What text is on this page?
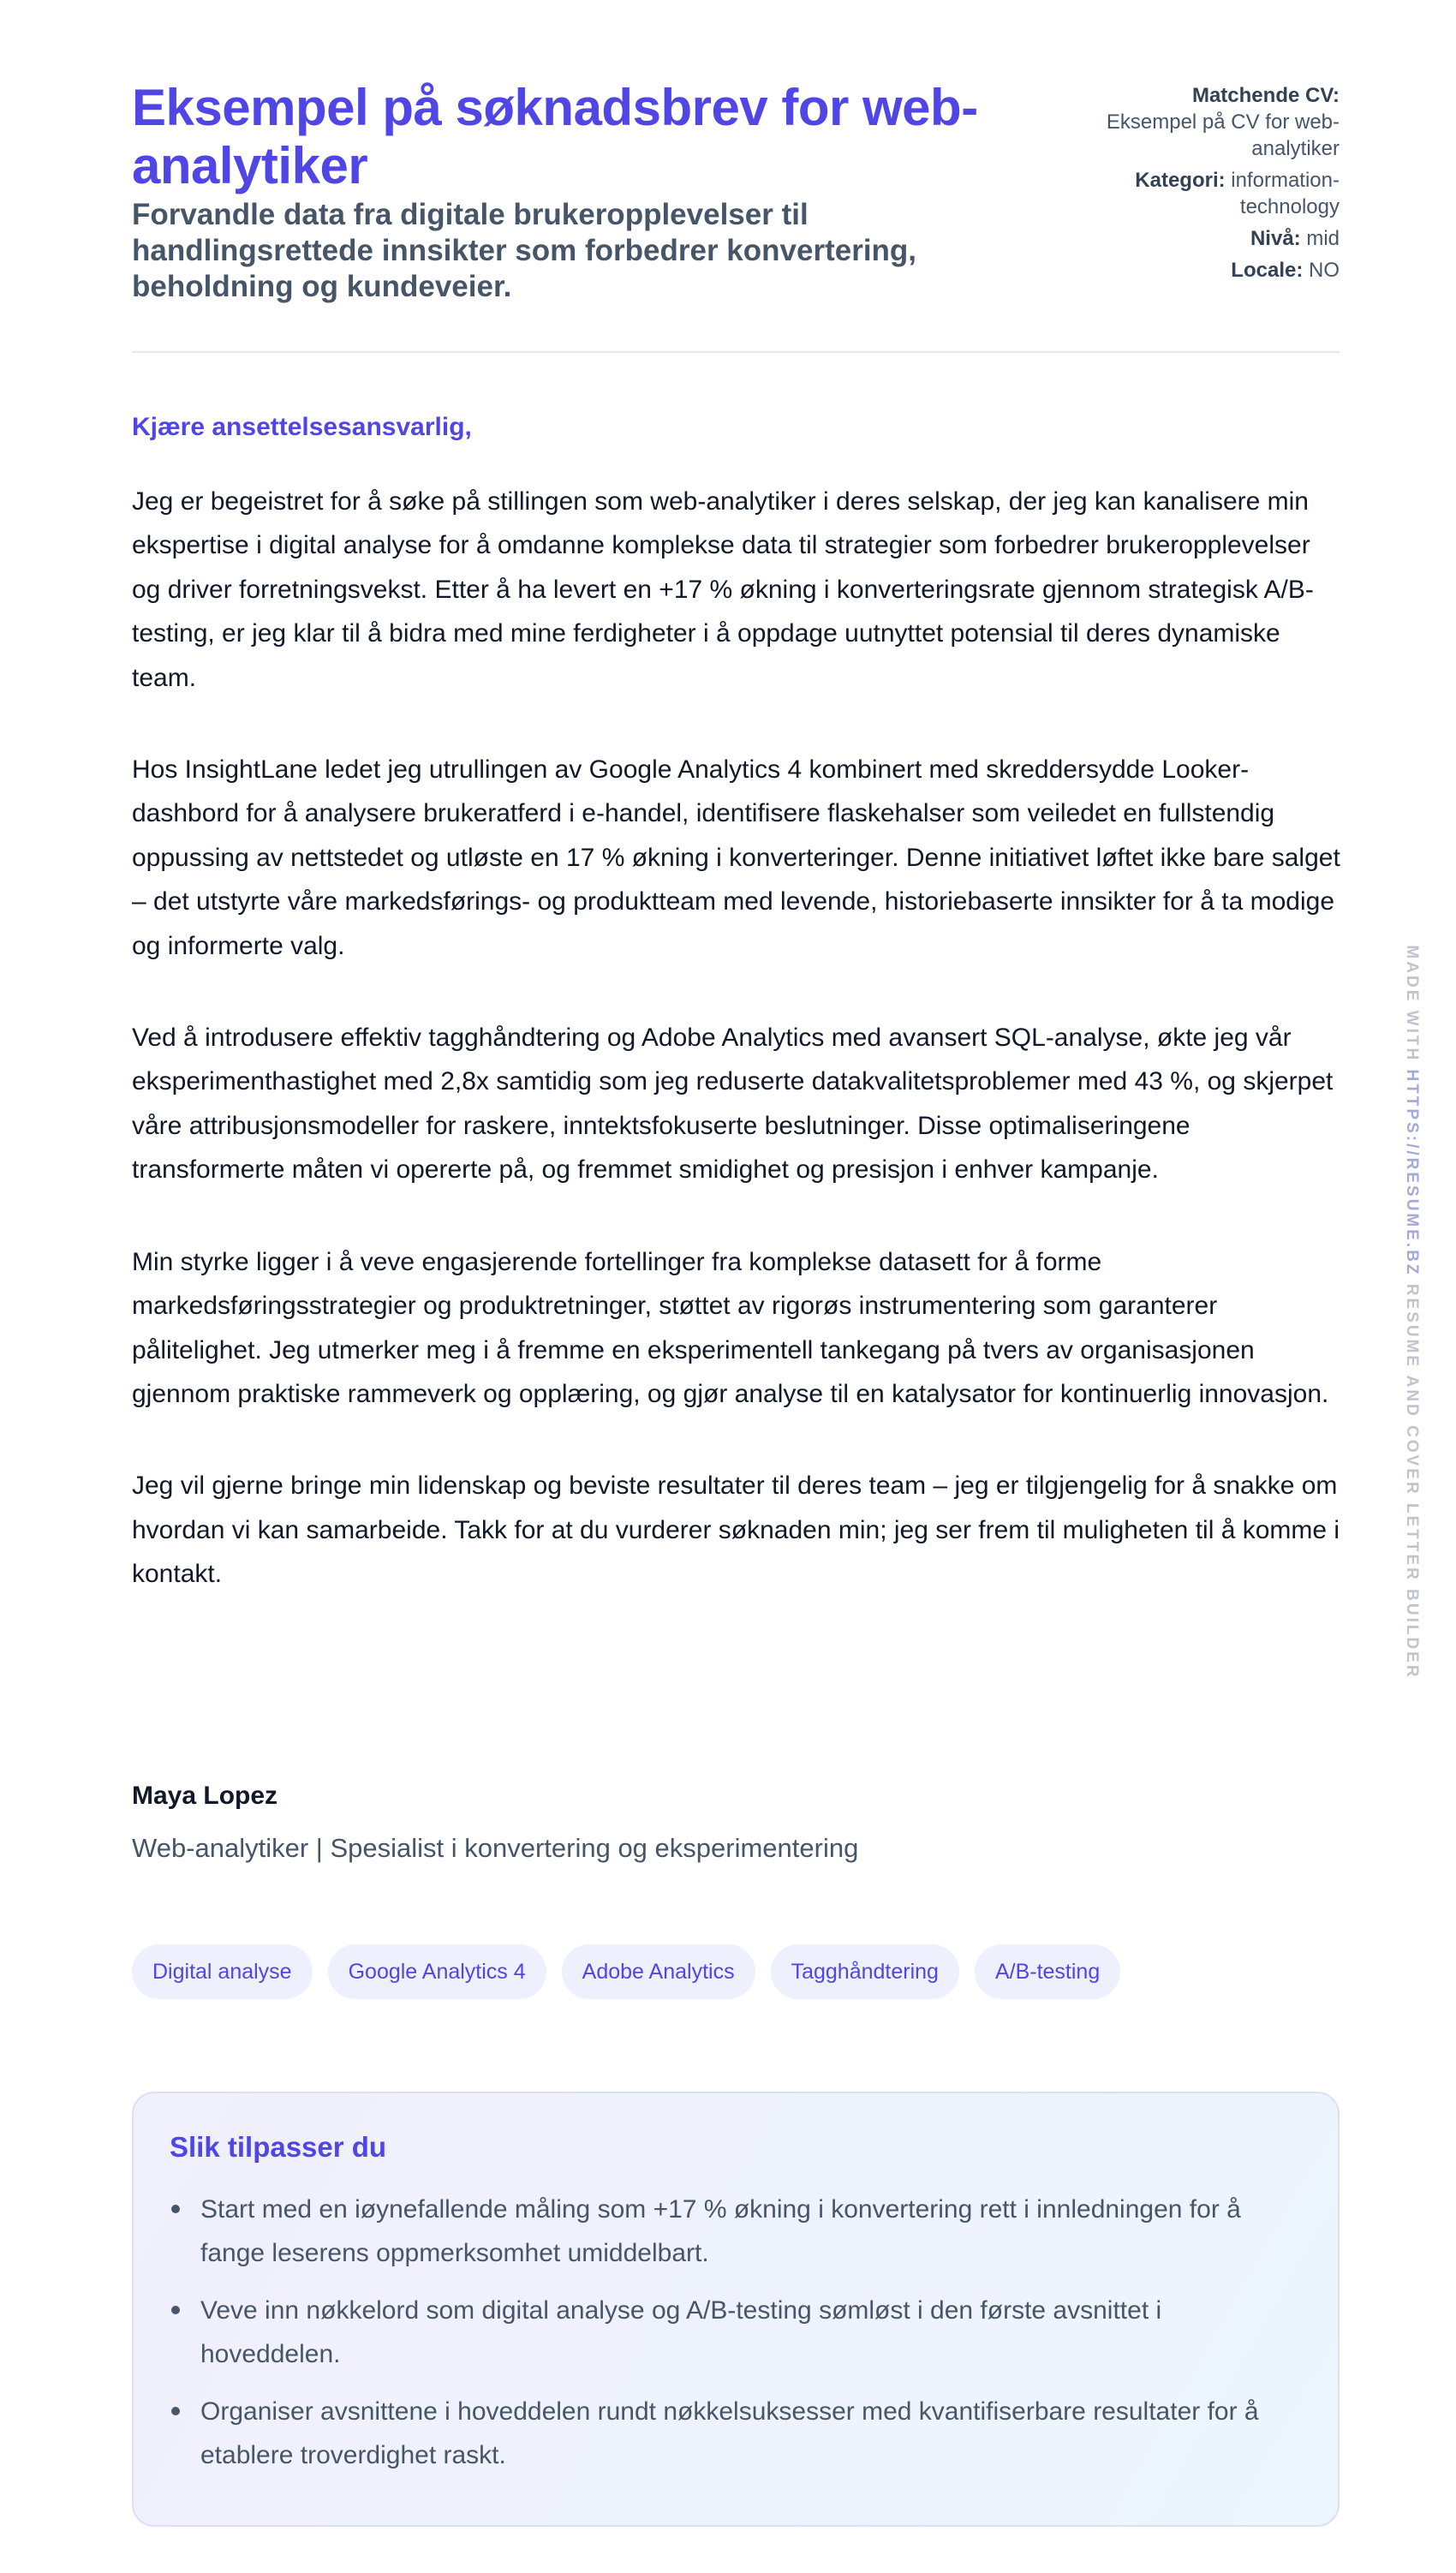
Eksempel på søknadsbrev for web-analytiker

Forvandle data fra digitale brukeropplevelser til handlingsrettede innsikter som forbedrer konvertering, beholdning og kundeveier.

Matchende CV:
Eksempel på CV for web-analytiker
Kategori: information-technology
Nivå: mid
Locale: NO
Kjære ansettelsesansvarlig,

Jeg er begeistret for å søke på stillingen som web-analytiker i deres selskap, der jeg kan kanalisere min ekspertise i digital analyse for å omdanne komplekse data til strategier som forbedrer brukeropplevelser og driver forretningsvekst. Etter å ha levert en +17 % økning i konverteringsrate gjennom strategisk A/B-testing, er jeg klar til å bidra med mine ferdigheter i å oppdage uutnyttet potensial til deres dynamiske team.

Hos InsightLane ledet jeg utrullingen av Google Analytics 4 kombinert med skreddersydde Looker-dashbord for å analysere brukeratferd i e-handel, identifisere flaskehalser som veiledet en fullstendig oppussing av nettstedet og utløste en 17 % økning i konverteringer. Denne initiativet løftet ikke bare salget – det utstyrte våre markedsførings- og produktteam med levende, historiebaserte innsikter for å ta modige og informerte valg.

Ved å introdusere effektiv tagghåndtering og Adobe Analytics med avansert SQL-analyse, økte jeg vår eksperimenthastighet med 2,8x samtidig som jeg reduserte datakvalitetsproblemer med 43 %, og skjerpet våre attribusjonsmodeller for raskere, inntektsfokuserte beslutninger. Disse optimaliseringene transformerte måten vi opererte på, og fremmet smidighet og presisjon i enhver kampanje.

Min styrke ligger i å veve engasjerende fortellinger fra komplekse datasett for å forme markedsføringsstrategier og produktretninger, støttet av rigorøs instrumentering som garanterer pålitelighet. Jeg utmerker meg i å fremme en eksperimentell tankegang på tvers av organisasjonen gjennom praktiske rammeverk og opplæring, og gjør analyse til en katalysator for kontinuerlig innovasjon.

Jeg vil gjerne bringe min lidenskap og beviste resultater til deres team – jeg er tilgjengelig for å snakke om hvordan vi kan samarbeide. Takk for at du vurderer søknaden min; jeg ser frem til muligheten til å komme i kontakt.

Maya Lopez

Web-analytiker | Spesialist i konvertering og eksperimentering

Digital analyse	Google Analytics 4	Adobe Analytics	Tagghåndtering	A/B-testing
Slik tilpasser du
Start med en iøynefallende måling som +17 % økning i konvertering rett i innledningen for å fange leserens oppmerksomhet umiddelbart.
Veve inn nøkkelord som digital analyse og A/B-testing sømløst i den første avsnittet i hoveddelen.
Organiser avsnittene i hoveddelen rundt nøkkelsuksesser med kvantifiserbare resultater for å etablere troverdighet raskt.
MADE WITH HTTPS://RESUME.BZ RESUME AND COVER LETTER BUILDER
